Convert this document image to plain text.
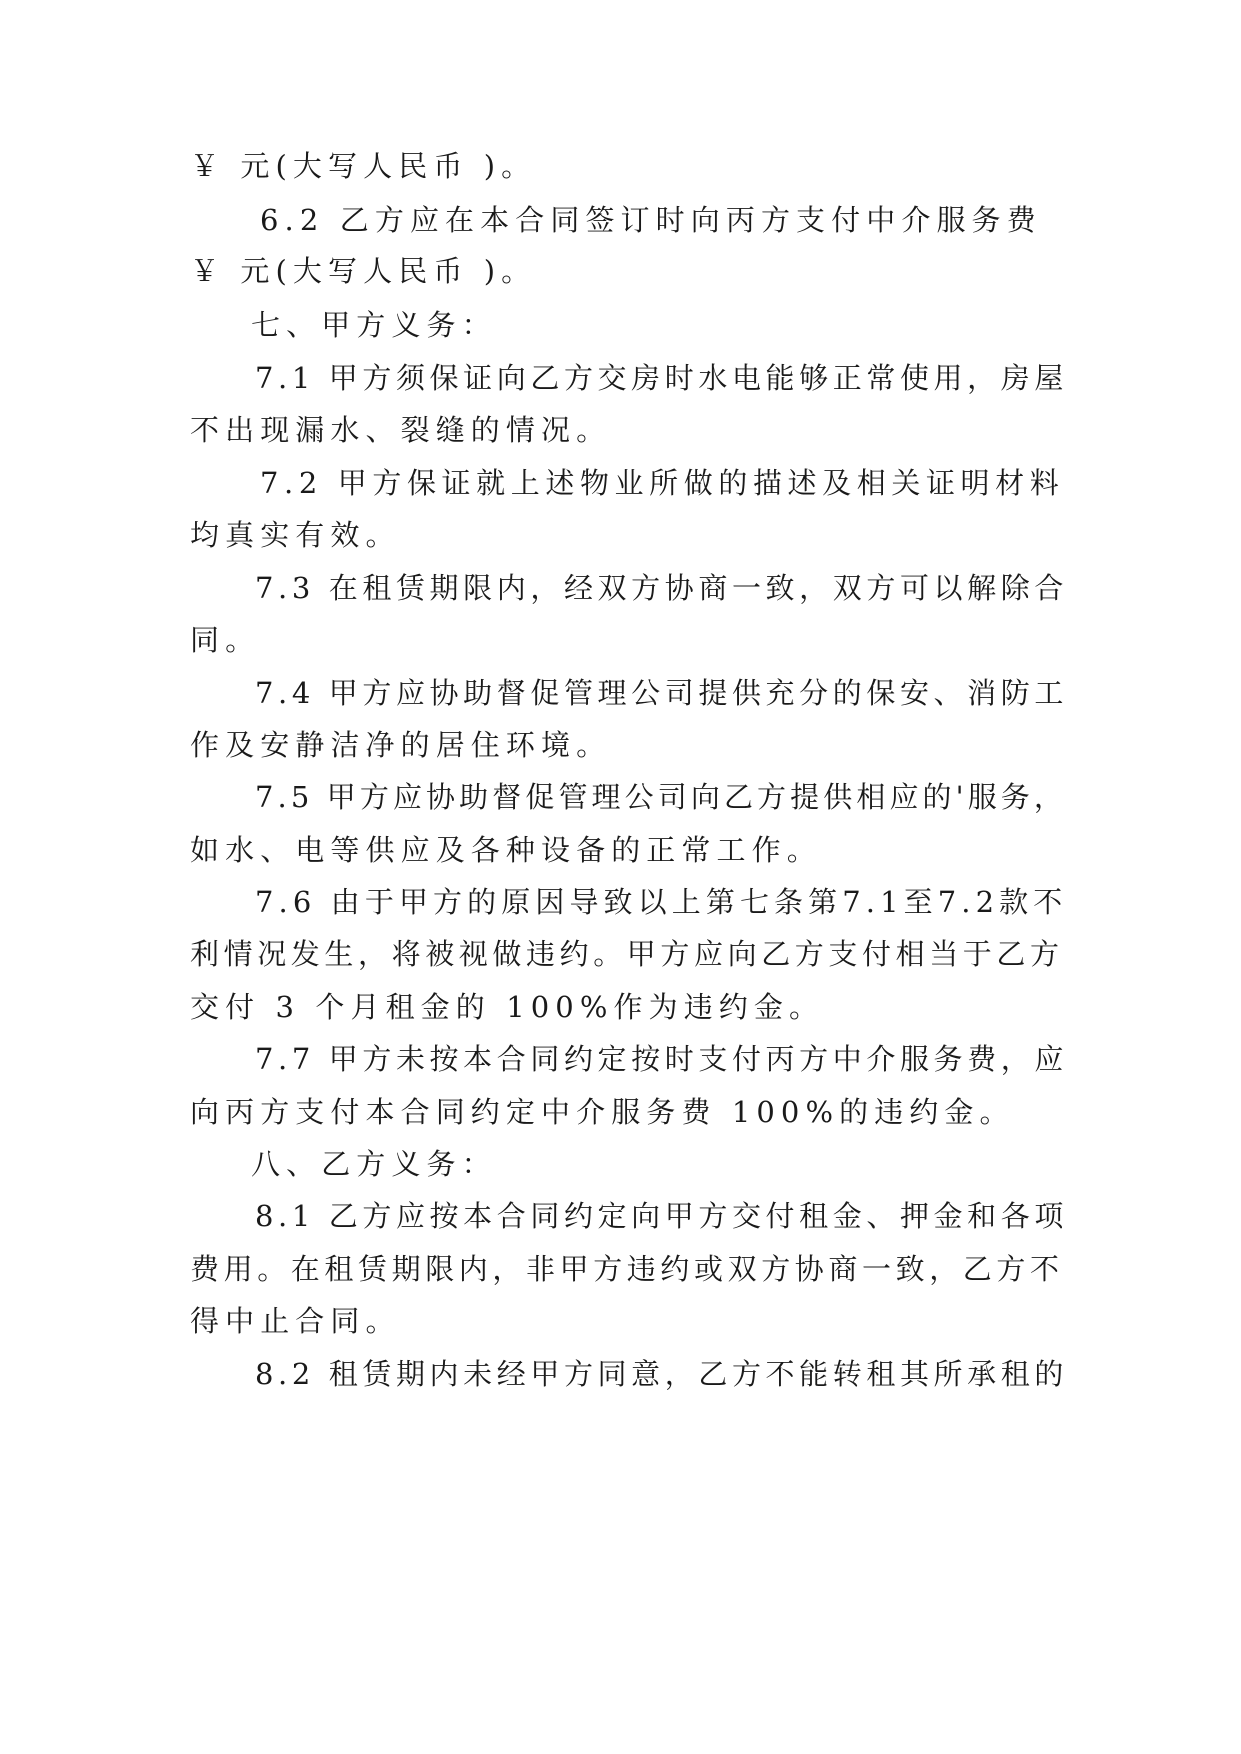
￥ 元(大写人民币 )。
6.2 乙方应在本合同签订时向丙方支付中介服务费
￥ 元(大写人民币 )。
七、甲方义务：
7.1 甲方须保证向乙方交房时水电能够正常使用，房屋
不出现漏水、裂缝的情况。
7.2 甲方保证就上述物业所做的描述及相关证明材料
均真实有效。
7.3 在租赁期限内，经双方协商一致，双方可以解除合
同。
7.4 甲方应协助督促管理公司提供充分的保安、消防工
作及安静洁净的居住环境。
7.5 甲方应协助督促管理公司向乙方提供相应的'服务，
如水、电等供应及各种设备的正常工作。
7.6 由于甲方的原因导致以上第七条第7.1至7.2款不
利情况发生，将被视做违约。甲方应向乙方支付相当于乙方
交付 3 个月租金的 100%作为违约金。
7.7 甲方未按本合同约定按时支付丙方中介服务费，应
向丙方支付本合同约定中介服务费 100%的违约金。
八、乙方义务：
8.1 乙方应按本合同约定向甲方交付租金、押金和各项
费用。在租赁期限内，非甲方违约或双方协商一致，乙方不
得中止合同。
8.2 租赁期内未经甲方同意，乙方不能转租其所承租的
